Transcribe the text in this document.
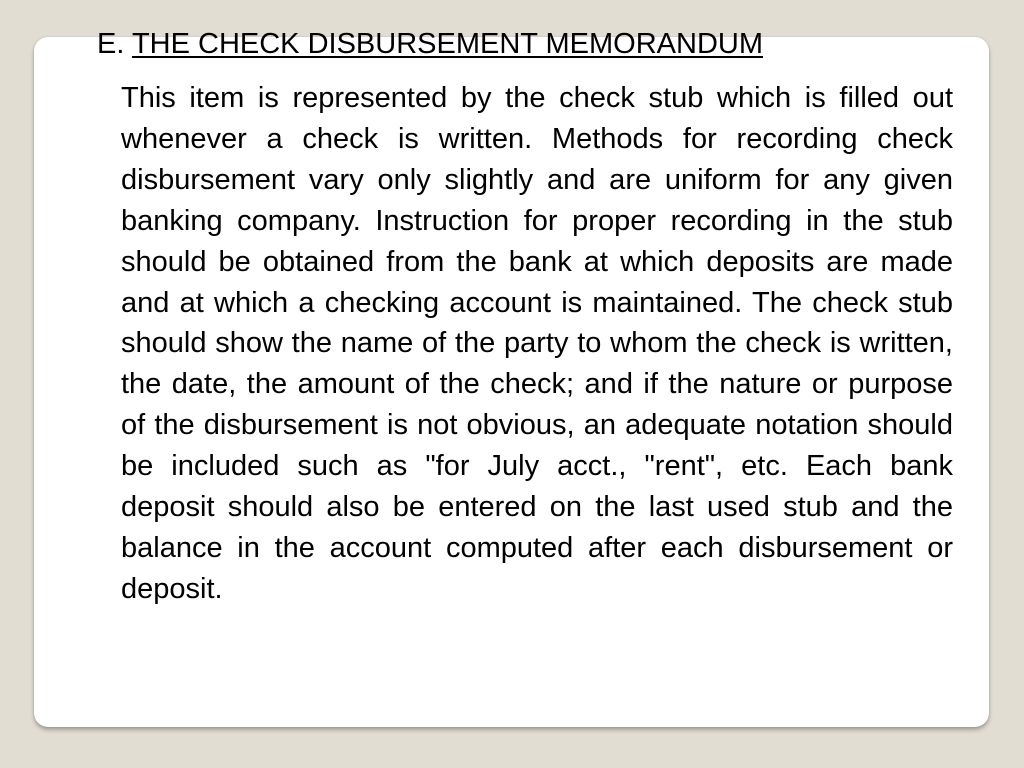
E. THE CHECK DISBURSEMENT MEMORANDUM

This item is represented by the check stub which is filled out whenever a check is written. Methods for recording check disbursement vary only slightly and are uniform for any given banking company. Instruction for proper recording in the stub should be obtained from the bank at which deposits are made and at which a checking account is maintained. The check stub should show the name of the party to whom the check is written, the date, the amount of the check; and if the nature or purpose of the disbursement is not obvious, an adequate notation should be included such as "for July acct., "rent", etc. Each bank deposit should also be entered on the last used stub and the balance in the account computed after each disbursement or deposit.
